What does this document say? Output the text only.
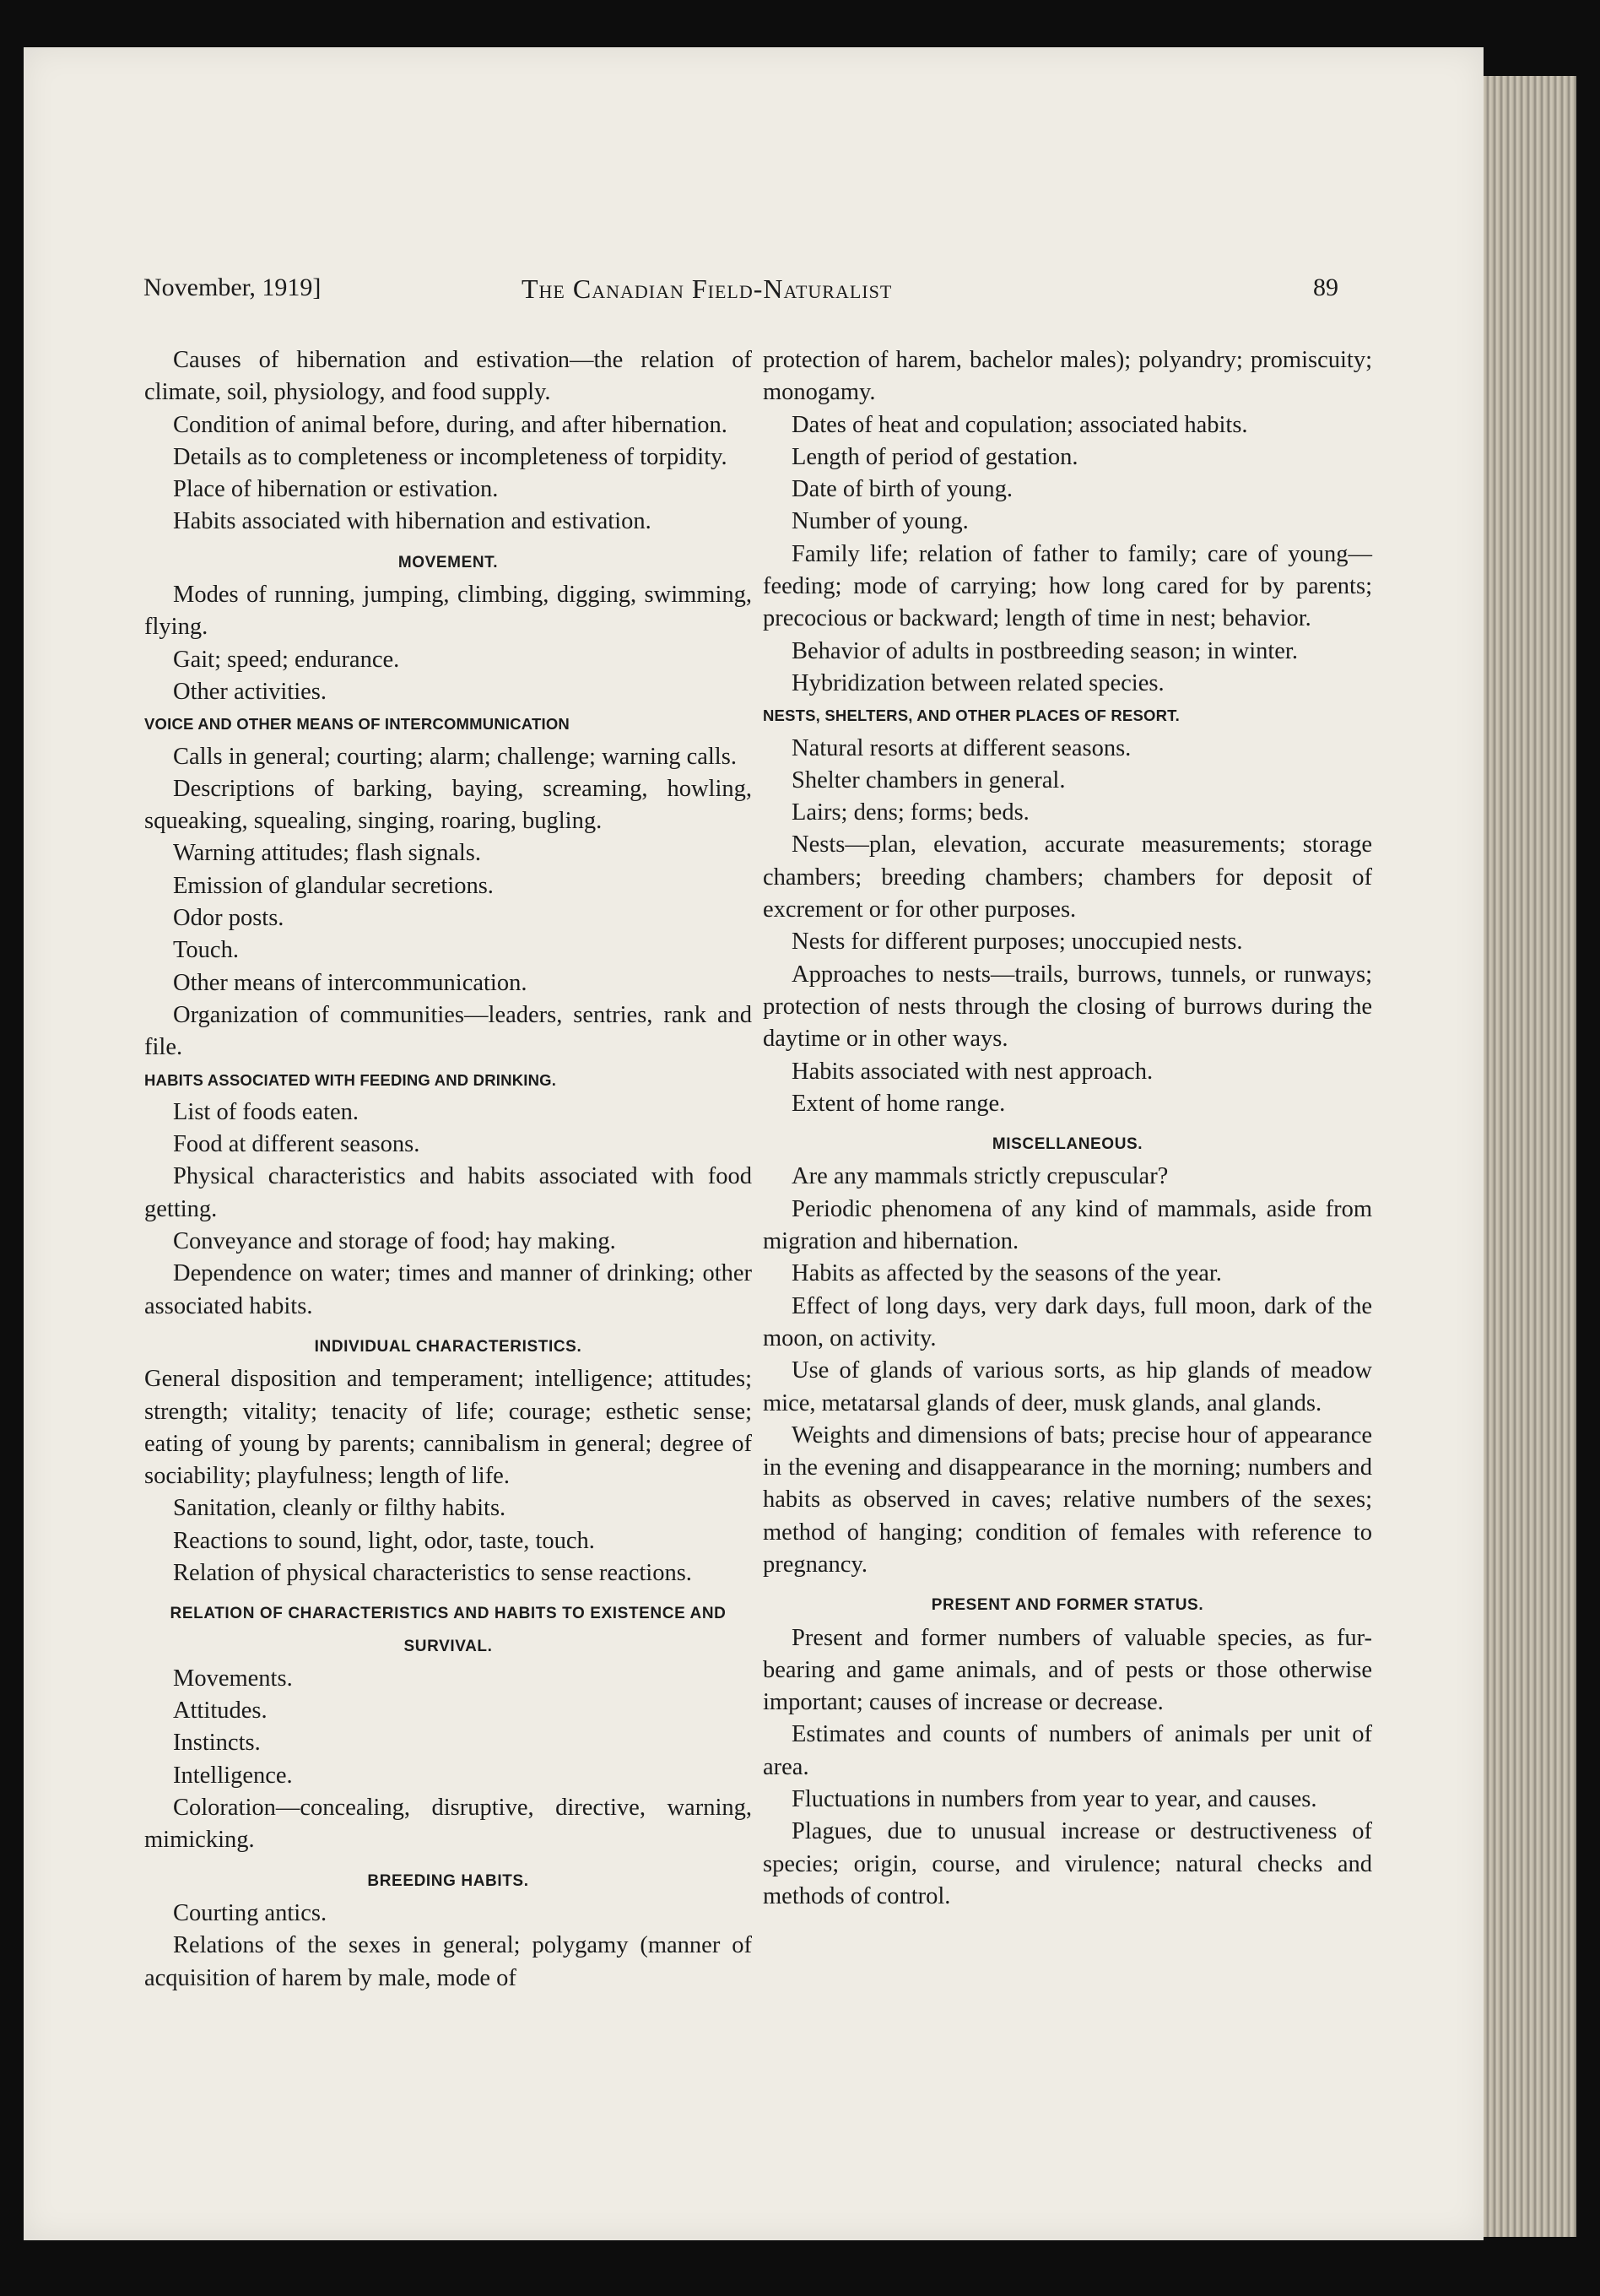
November, 1919]	The Canadian Field-Naturalist	89

Causes of hibernation and estivation—the relation of climate, soil, physiology, and food supply.

Condition of animal before, during, and after hibernation.

Details as to completeness or incompleteness of torpidity.

Place of hibernation or estivation.

Habits associated with hibernation and estivation.

MOVEMENT.

Modes of running, jumping, climbing, digging, swimming, flying.

Gait; speed; endurance.

Other activities.

VOICE AND OTHER MEANS OF INTERCOMMUNICATION

Calls in general; courting; alarm; challenge; warning calls.

Descriptions of barking, baying, screaming, howling, squeaking, squealing, singing, roaring, bugling.

Warning attitudes; flash signals.

Emission of glandular secretions.

Odor posts.

Touch.

Other means of intercommunication.

Organization of communities—leaders, sentries, rank and file.

HABITS ASSOCIATED WITH FEEDING AND DRINKING.

List of foods eaten.

Food at different seasons.

Physical characteristics and habits associated with food getting.

Conveyance and storage of food; hay making.

Dependence on water; times and manner of drinking; other associated habits.

INDIVIDUAL CHARACTERISTICS.

General disposition and temperament; intelligence; attitudes; strength; vitality; tenacity of life; courage; esthetic sense; eating of young by parents; cannibalism in general; degree of sociability; playfulness; length of life.

Sanitation, cleanly or filthy habits.

Reactions to sound, light, odor, taste, touch.

Relation of physical characteristics to sense reactions.

RELATION OF CHARACTERISTICS AND HABITS TO EXISTENCE AND SURVIVAL.

Movements.

Attitudes.

Instincts.

Intelligence.

Coloration—concealing, disruptive, directive, warning, mimicking.

BREEDING HABITS.

Courting antics.

Relations of the sexes in general; polygamy (manner of acquisition of harem by male, mode of

protection of harem, bachelor males); polyandry; promiscuity; monogamy.

Dates of heat and copulation; associated habits.

Length of period of gestation.

Date of birth of young.

Number of young.

Family life; relation of father to family; care of young—feeding; mode of carrying; how long cared for by parents; precocious or backward; length of time in nest; behavior.

Behavior of adults in postbreeding season; in winter.

Hybridization between related species.

NESTS, SHELTERS, AND OTHER PLACES OF RESORT.

Natural resorts at different seasons.

Shelter chambers in general.

Lairs; dens; forms; beds.

Nests—plan, elevation, accurate measurements; storage chambers; breeding chambers; chambers for deposit of excrement or for other purposes.

Nests for different purposes; unoccupied nests.

Approaches to nests—trails, burrows, tunnels, or runways; protection of nests through the closing of burrows during the daytime or in other ways.

Habits associated with nest approach.

Extent of home range.

MISCELLANEOUS.

Are any mammals strictly crepuscular?

Periodic phenomena of any kind of mammals, aside from migration and hibernation.

Habits as affected by the seasons of the year.

Effect of long days, very dark days, full moon, dark of the moon, on activity.

Use of glands of various sorts, as hip glands of meadow mice, metatarsal glands of deer, musk glands, anal glands.

Weights and dimensions of bats; precise hour of appearance in the evening and disappearance in the morning; numbers and habits as observed in caves; relative numbers of the sexes; method of hanging; condition of females with reference to pregnancy.

PRESENT AND FORMER STATUS.

Present and former numbers of valuable species, as fur-bearing and game animals, and of pests or those otherwise important; causes of increase or decrease.

Estimates and counts of numbers of animals per unit of area.

Fluctuations in numbers from year to year, and causes.

Plagues, due to unusual increase or destructiveness of species; origin, course, and virulence; natural checks and methods of control.
